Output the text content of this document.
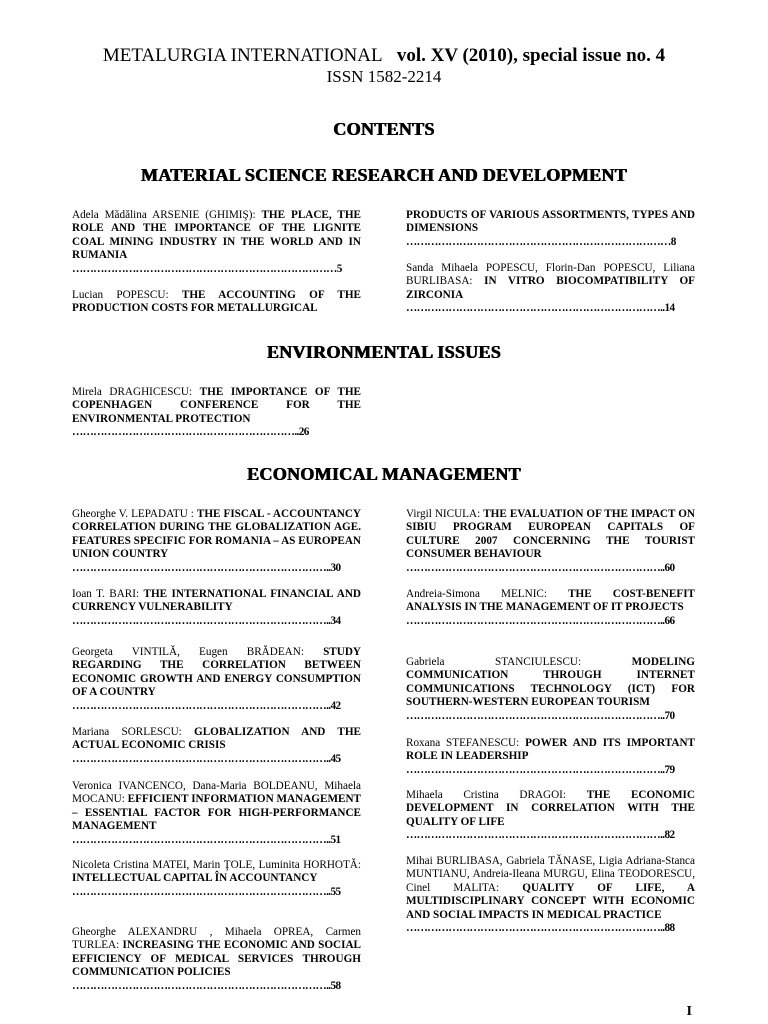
METALURGIA INTERNATIONAL vol. XV (2010), special issue no. 4
ISSN 1582-2214
CONTENTS
MATERIAL SCIENCE RESEARCH AND DEVELOPMENT
ENVIRONMENTAL ISSUES
ECONOMICAL MANAGEMENT
Adela Mădălina ARSENIE (GHIMIŞ): THE PLACE, THE ROLE AND THE IMPORTANCE OF THE LIGNITE COAL MINING INDUSTRY IN THE WORLD AND IN RUMANIA
…………………………………………………………………5
Lucian POPESCU: THE ACCOUNTING OF THE PRODUCTION COSTS FOR METALLURGICAL
PRODUCTS OF VARIOUS ASSORTMENTS, TYPES AND DIMENSIONS
…………………………………………………………………8
Sanda Mihaela POPESCU, Florin-Dan POPESCU, Liliana BURLIBASA: IN VITRO BIOCOMPATIBILITY OF ZIRCONIA
………………………………………………………………..14
Mirela DRAGHICESCU: THE IMPORTANCE OF THE COPENHAGEN CONFERENCE FOR THE ENVIRONMENTAL PROTECTION
………………………………………………………..26
Gheorghe V. LEPADATU : THE FISCAL - ACCOUNTANCY CORRELATION DURING THE GLOBALIZATION AGE. FEATURES SPECIFIC FOR ROMANIA – AS EUROPEAN UNION COUNTRY
………………………………………………………………..30
Ioan T. BARI: THE INTERNATIONAL FINANCIAL AND CURRENCY VULNERABILITY
………………………………………………………………..34
Georgeta VINTILĂ, Eugen BRĂDEAN: STUDY REGARDING THE CORRELATION BETWEEN ECONOMIC GROWTH AND ENERGY CONSUMPTION OF A COUNTRY
………………………………………………………………..42
Mariana SORLESCU: GLOBALIZATION AND THE ACTUAL ECONOMIC CRISIS
………………………………………………………………..45
Veronica IVANCENCO, Dana-Maria BOLDEANU, Mihaela MOCANU: EFFICIENT INFORMATION MANAGEMENT – ESSENTIAL FACTOR FOR HIGH-PERFORMANCE MANAGEMENT
………………………………………………………………..51
Nicoleta Cristina MATEI, Marin ŢOLE, Luminita HORHOTĂ: INTELLECTUAL CAPITAL ÎN ACCOUNTANCY
………………………………………………………………..55
Gheorghe ALEXANDRU , Mihaela OPREA, Carmen TURLEA: INCREASING THE ECONOMIC AND SOCIAL EFFICIENCY OF MEDICAL SERVICES THROUGH COMMUNICATION POLICIES
………………………………………………………………..58
Virgil NICULA: THE EVALUATION OF THE IMPACT ON SIBIU PROGRAM EUROPEAN CAPITALS OF CULTURE 2007 CONCERNING THE TOURIST CONSUMER BEHAVIOUR
………………………………………………………………..60
Andreia-Simona MELNIC: THE COST-BENEFIT ANALYSIS IN THE MANAGEMENT OF IT PROJECTS
………………………………………………………………..66
Gabriela STANCIULESCU:	MODELING COMMUNICATION THROUGH INTERNET COMMUNICATIONS TECHNOLOGY (ICT) FOR SOUTHERN-WESTERN EUROPEAN TOURISM
………………………………………………………………..70
Roxana STEFANESCU: POWER AND ITS IMPORTANT ROLE IN LEADERSHIP
………………………………………………………………..79
Mihaela Cristina DRAGOI: THE ECONOMIC DEVELOPMENT IN CORRELATION WITH THE QUALITY OF LIFE
………………………………………………………………..82
Mihai BURLIBASA, Gabriela TĂNASE, Ligia Adriana-Stanca MUNTIANU, Andreia-Ileana MURGU, Elina TEODORESCU, Cinel MALITA: QUALITY OF LIFE, A MULTIDISCIPLINARY CONCEPT WITH ECONOMIC AND SOCIAL IMPACTS IN MEDICAL PRACTICE
………………………………………………………………..88
I
